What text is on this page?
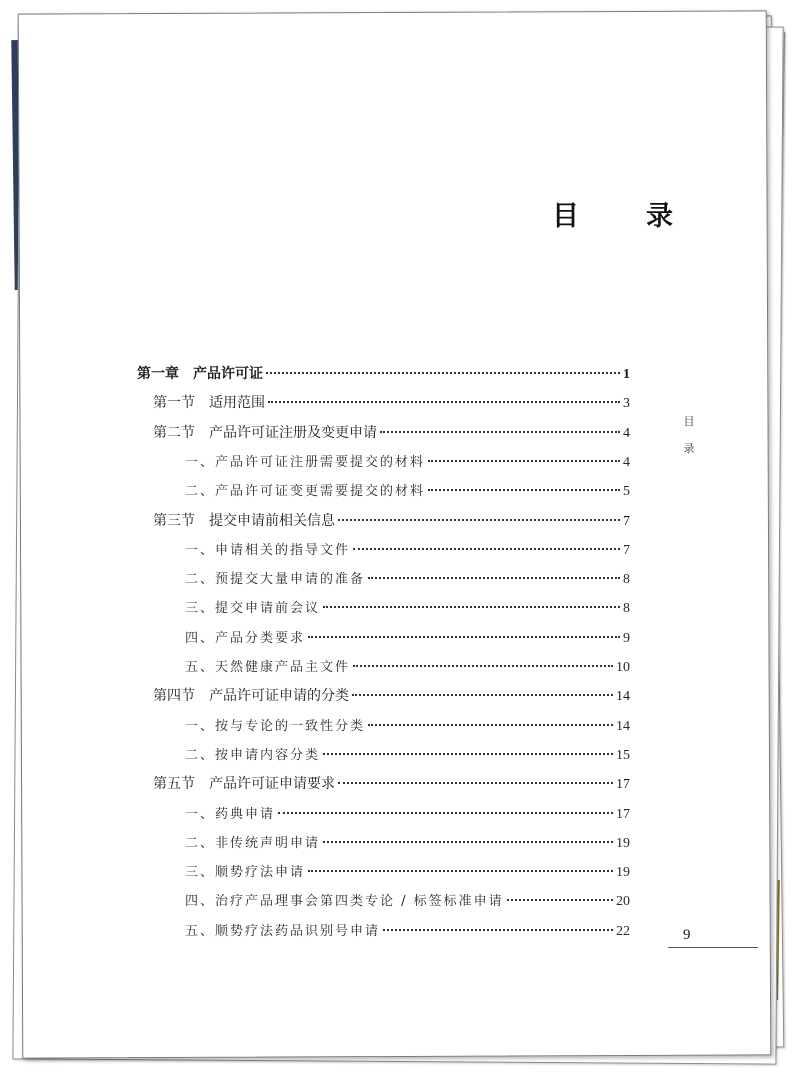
目　录
第一章　产品许可证	1
第一节　适用范围	3
第二节　产品许可证注册及变更申请	4
一、产品许可证注册需要提交的材料	4
二、产品许可证变更需要提交的材料	5
第三节　提交申请前相关信息	7
一、申请相关的指导文件	7
二、预提交大量申请的准备	8
三、提交申请前会议	8
四、产品分类要求	9
五、天然健康产品主文件	10
第四节　产品许可证申请的分类	14
一、按与专论的一致性分类	14
二、按申请内容分类	15
第五节　产品许可证申请要求	17
一、药典申请	17
二、非传统声明申请	19
三、顺势疗法申请	19
四、治疗产品理事会第四类专论 / 标签标准申请	20
五、顺势疗法药品识别号申请	22
目
录
9
